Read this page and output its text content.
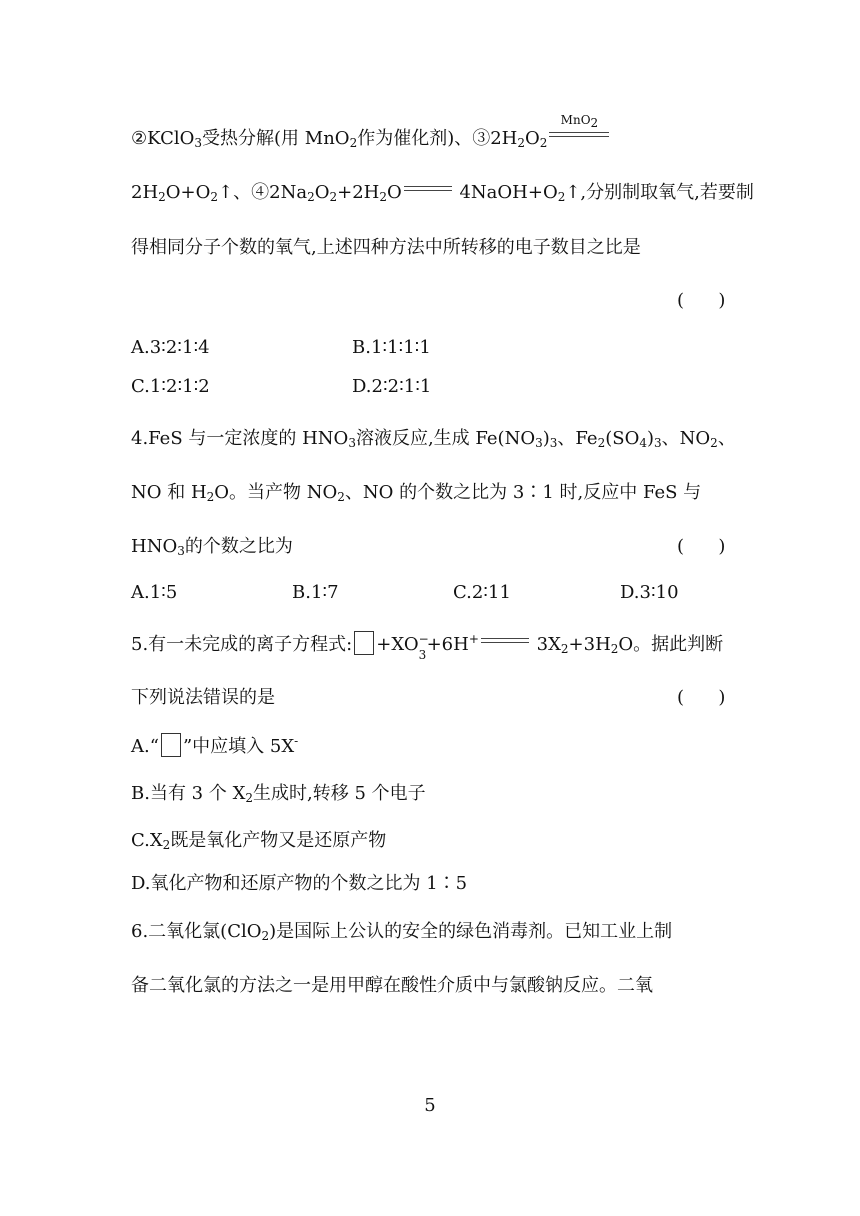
②KClO$_3$受热分解(用 MnO$_2$作为催化剂)、$③2H_2O_2$
MnO$_2$
$2H_2O+O_2↑$、$④2Na_2O_2+2H_2O$	$4NaOH+O_2↑$,分别制取氧气,若要制
得相同分子个数的氧气,上述四种方法中所转移的电子数目之比是
(      )
A.3∶2∶1∶4	B.1∶1∶1∶1
C.1∶2∶1∶2	D.2∶2∶1∶1
4.FeS 与一定浓度的 $HNO_3$溶液反应,生成 $Fe(NO_3)_3$、$Fe_2(SO_4)_3$、$NO_2$、
NO 和 $H_2O$。当产物 $NO_2$、NO 的个数之比为 3∶1 时,反应中 FeS 与
$HNO_3$的个数之比为	(      )
A.1∶5	B.1∶7	C.2∶11	D.3∶10
5.有一未完成的离子方程式: +XO −
3 +6H+	$3X_2+3H_2O$。据此判断
下列说法错误的是	(      )
A.“ ”中应填入 5X-
B.当有 3 个 $X_2$生成时,转移 5 个电子
$C.X_2$既是氧化产物又是还原产物
D.氧化产物和还原产物的个数之比为 1∶5
6.二氧化氯(ClO$_2$)是国际上公认的安全的绿色消毒剂。已知工业上制
备二氧化氯的方法之一是用甲醇在酸性介质中与氯酸钠反应。二氧
5
